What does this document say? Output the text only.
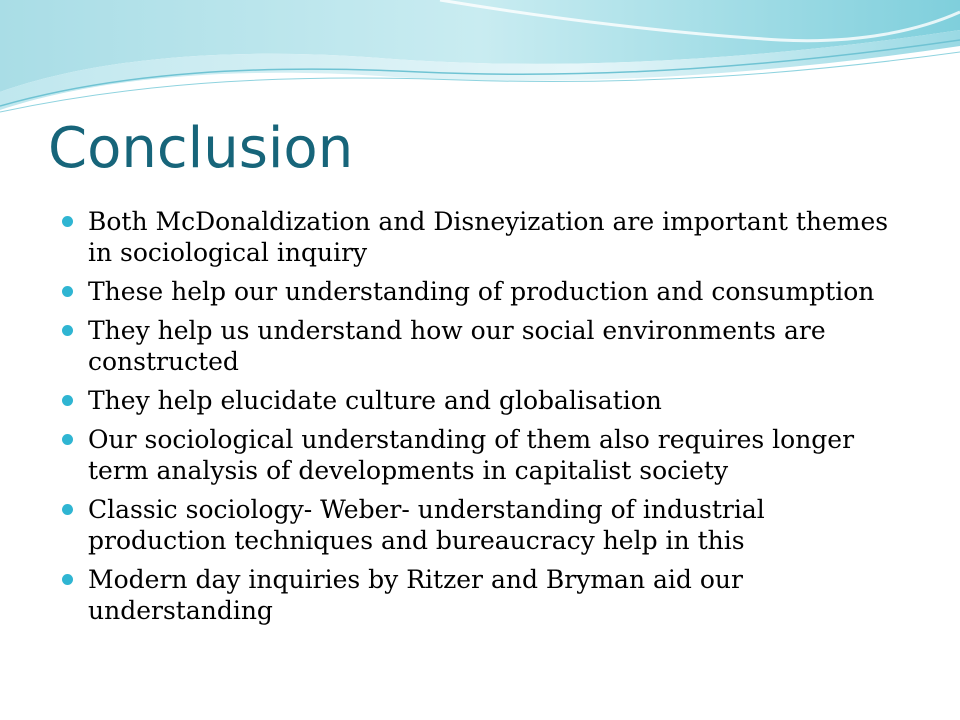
Conclusion
Both McDonaldization and Disneyization are important themes in sociological inquiry
These help our understanding of production and consumption
They help us understand how our social environments are constructed
They help elucidate culture and globalisation
Our sociological understanding of them also requires longer term analysis of developments in capitalist society
Classic sociology- Weber- understanding of industrial production techniques and bureaucracy help in this
Modern day inquiries by Ritzer and Bryman aid our understanding
